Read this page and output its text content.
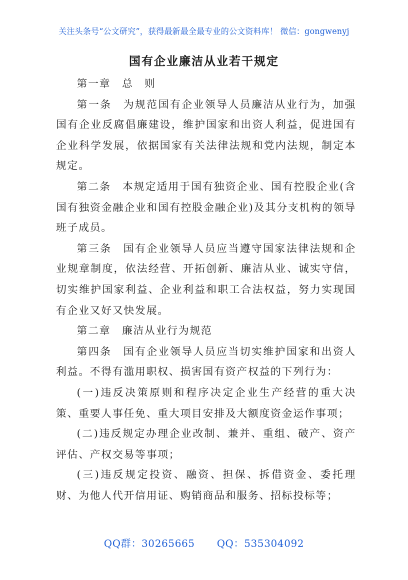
关注头条号“公文研究”，获得最新最全最专业的公文资料库！ 微信：gongwenyj
国有企业廉洁从业若干规定

第一章　总　则

第一条　为规范国有企业领导人员廉洁从业行为，加强国有企业反腐倡廉建设，维护国家和出资人利益，促进国有企业科学发展，依据国家有关法律法规和党内法规，制定本规定。

第二条　本规定适用于国有独资企业、国有控股企业(含国有独资金融企业和国有控股金融企业)及其分支机构的领导班子成员。

第三条　国有企业领导人员应当遵守国家法律法规和企业规章制度，依法经营、开拓创新、廉洁从业、诚实守信，切实维护国家利益、企业利益和职工合法权益，努力实现国有企业又好又快发展。

第二章　廉洁从业行为规范

第四条　国有企业领导人员应当切实维护国家和出资人利益。不得有滥用职权、损害国有资产权益的下列行为：

(一)违反决策原则和程序决定企业生产经营的重大决策、重要人事任免、重大项目安排及大额度资金运作事项；

(二)违反规定办理企业改制、兼并、重组、破产、资产评估、产权交易等事项；

(三)违反规定投资、融资、担保、拆借资金、委托理财、为他人代开信用证、购销商品和服务、招标投标等；

QQ群：30265665 QQ：535304092
